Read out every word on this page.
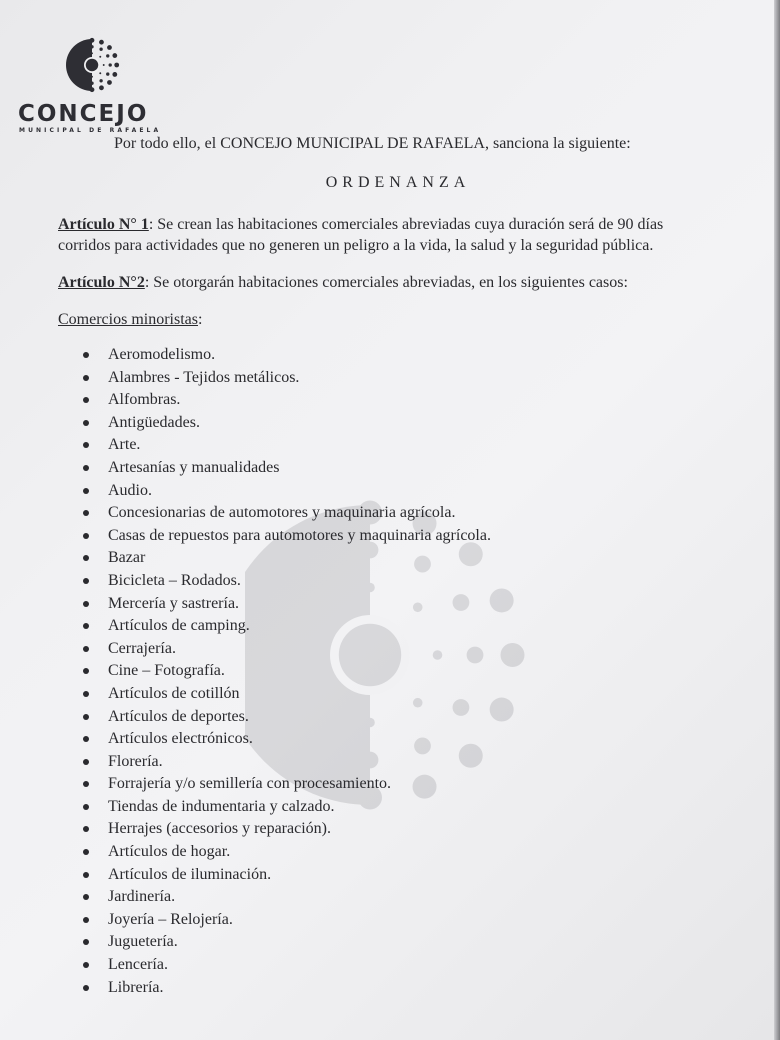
CONCEJO
MUNICIPAL DE RAFAELA

Por todo ello, el CONCEJO MUNICIPAL DE RAFAELA, sanciona la siguiente:

ORDENANZA

Artículo N° 1: Se crean las habitaciones comerciales abreviadas cuya duración será de 90 días corridos para actividades que no generen un peligro a la vida, la salud y la seguridad pública.

Artículo N°2: Se otorgarán habitaciones comerciales abreviadas, en los siguientes casos:

Comercios minoristas:

Aeromodelismo.
Alambres - Tejidos metálicos.
Alfombras.
Antigüedades.
Arte.
Artesanías y manualidades
Audio.
Concesionarias de automotores y maquinaria agrícola.
Casas de repuestos para automotores y maquinaria agrícola.
Bazar
Bicicleta – Rodados.
Mercería y sastrería.
Artículos de camping.
Cerrajería.
Cine – Fotografía.
Artículos de cotillón
Artículos de deportes.
Artículos electrónicos.
Florería.
Forrajería y/o semillería con procesamiento.
Tiendas de indumentaria y calzado.
Herrajes (accesorios y reparación).
Artículos de hogar.
Artículos de iluminación.
Jardinería.
Joyería – Relojería.
Juguetería.
Lencería.
Librería.
